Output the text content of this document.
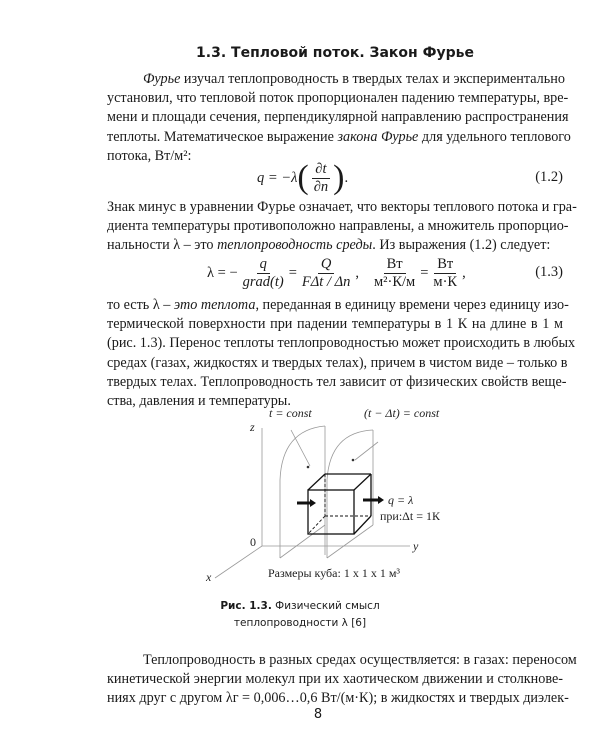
1.3. Тепловой поток. Закон Фурье
Фурье изучал теплопроводность в твердых телах и экспериментально
установил, что тепловой поток пропорционален падению температуры, вре-
мени и площади сечения, перпендикулярной направлению распространения
теплоты. Математическое выражение закона Фурье для удельного теплового
потока, Вт/м²:
q = −λ ( $\frac{\partial t}{\partial n}$ ) .	(1.2)
Знак минус в уравнении Фурье означает, что векторы теплового потока и гра-
диента температуры противоположно направлены, а множитель пропорцио-
нальности λ – это теплопроводность среды. Из выражения (1.2) следует:
λ = − $\frac{q}{\text{grad(t)}} = \frac{Q}{\text{FΔt / Δn}}$ , $\frac{Вт}{\text{м²·К/м}} = \frac{Вт}{м\cdot К}$ ,	(1.3)
то есть λ – это теплота, переданная в единицу времени через единицу изо-
термической поверхности при падении температуры в 1 К на длине в 1 м
(рис. 1.3). Перенос теплоты теплопроводностью может происходить в любых
средах (газах, жидкостях и твердых телах), причем в чистом виде – только в
твердых телах. Теплопроводность тел зависит от физических свойств веще-
ства, давления и температуры.
t = const	(t − Δt) = const
z
y
x
0
q = λ
при:Δt = 1К
Размеры куба: 1 x 1 x 1 м³
Рис. 1.3. Физический смысл
теплопроводности λ [6]
Теплопроводность в разных средах осуществляется: в газах: переносом
кинетической энергии молекул при их хаотическом движении и столкнове-
ниях друг с другом λг = 0,006…0,6 Вт/(м·К); в жидкостях и твердых диэлек-
8
